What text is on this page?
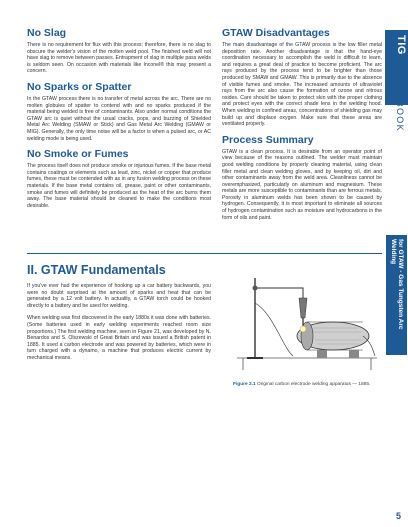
No Slag

There is no requirement for flux with this process; therefore, there is no slag to obscure the welder's vision of the molten weld pool. The finished weld will not have slag to remove between passes. Entrapment of slag in multiple pass welds is seldom seen. On occasion with materials like Inconel® this may present a concern.

No Sparks or Spatter

In the GTAW process there is no transfer of metal across the arc. There are no molten globules of spatter to contend with and no sparks produced if the material being welded is free of contaminants. Also under normal conditions the GTAW arc is quiet without the usual cracks, pops, and buzzing of Shielded Metal Arc Welding (SMAW or Stick) and Gas Metal Arc Welding (GMAW or MIG). Generally, the only time noise will be a factor is when a pulsed arc, or AC welding mode is being used.

No Smoke or Fumes

The process itself does not produce smoke or injurious fumes. If the base metal contains coatings or elements such as lead, zinc, nickel or copper that produce fumes, these must be contended with as in any fusion welding process on these materials. If the base metal contains oil, grease, paint or other contaminants, smoke and fumes will definitely be produced as the heat of the arc burns them away. The base material should be cleaned to make the conditions most desirable.

GTAW Disadvantages

The main disadvantage of the GTAW process is the low filler metal deposition rate. Another disadvantage is that the hand-eye coordination necessary to accomplish the weld is difficult to learn, and requires a great deal of practice to become proficient. The arc rays produced by the process tend to be brighter than those produced by SMAW and GMAW. This is primarily due to the absence of visible fumes and smoke. The increased amounts of ultraviolet rays from the arc also cause the formation of ozone and nitrous oxides. Care should be taken to protect skin with the proper clothing and protect eyes with the correct shade lens in the welding hood. When welding in confined areas, concentrations of shielding gas may build up and displace oxygen. Make sure that these areas are ventilated properly.

Process Summary

GTAW is a clean process. It is desirable from an operator point of view because of the reasons outlined. The welder must maintain good welding conditions by properly cleaning material, using clean filler metal and clean welding gloves, and by keeping oil, dirt and other contaminants away from the weld area. Cleanliness cannot be overemphasized, particularly on aluminum and magnesium. These metals are more susceptible to contaminants than are ferrous metals. Porosity in aluminum welds has been shown to be caused by hydrogen. Consequently, it is most important to eliminate all sources of hydrogen contamination such as moisture and hydrocarbons in the form of oils and paint.

II. GTAW Fundamentals

If you've ever had the experience of hooking up a car battery backwards, you were no doubt surprised at the amount of sparks and heat that can be generated by a 12 volt battery. In actuality, a GTAW torch could be hooked directly to a battery and be used for welding.

When welding was first discovered in the early 1880s it was done with batteries. (Some batteries used in early welding experiments reached room size proportions.) The first welding machine, seen in Figure 21, was developed by N. Benardos and S. Olszewski of Great Britain and was issued a British patent in 1885. It used a carbon electrode and was powered by batteries, which were in turn charged with a dynamo, a machine that produces electric current by mechanical means.

Figure 2.1 Original carbon electrode welding apparatus — 1885.
TIG
HANDBOOK
for GTAW - Gas Tungsten Arc Welding
5
